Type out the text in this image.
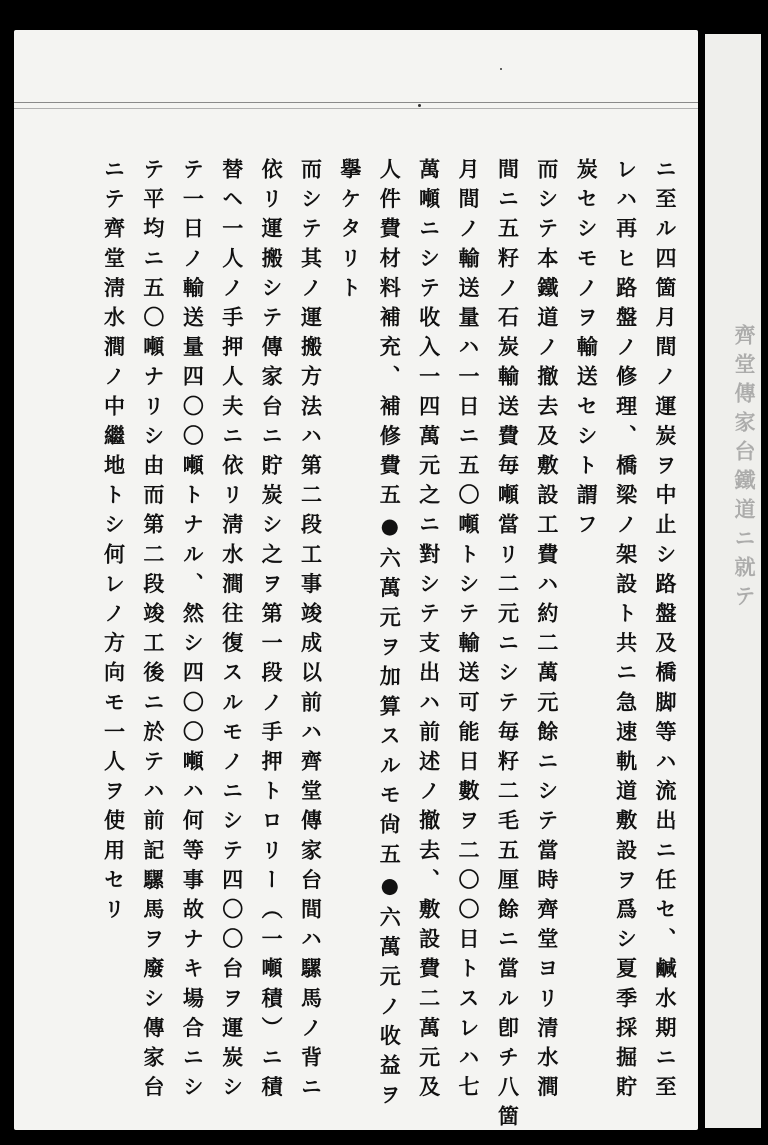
ニ至ル四箇月間ノ運炭ヲ中止シ路盤及橋脚等ハ流出ニ任セ、鹹水期ニ至
レハ再ヒ路盤ノ修理、橋梁ノ架設ト共ニ急速軌道敷設ヲ爲シ夏季採掘貯
炭セシモノヲ輸送セシト謂フ
而シテ本鐵道ノ撤去及敷設工費ハ約二萬元餘ニシテ當時齊堂ヨリ清水澗
間ニ五籽ノ石炭輸送費毎噸當リ二元ニシテ毎籽二毛五厘餘ニ當ル卽チ八箇
月間ノ輸送量ハ一日ニ五〇噸トシテ輸送可能日數ヲ二〇〇日トスレハ七
萬噸ニシテ收入一四萬元之ニ對シテ支出ハ前述ノ撤去、敷設費二萬元及
人件費材料補充、補修費五●六萬元ヲ加算スルモ尙五●六萬元ノ收益ヲ
擧ケタリト
而シテ其ノ運搬方法ハ第二段工事竣成以前ハ齊堂傳家台間ハ騾馬ノ背ニ
依リ運搬シテ傳家台ニ貯炭シ之ヲ第一段ノ手押トロリー（一噸積）ニ積
替ヘ一人ノ手押人夫ニ依リ淸水澗往復スルモノニシテ四〇〇台ヲ運炭シ
テ一日ノ輸送量四〇〇噸トナル、然シ四〇〇噸ハ何等事故ナキ場合ニシ
テ平均ニ五〇噸ナリシ由而第二段竣工後ニ於テハ前記騾馬ヲ廢シ傳家台
ニテ齊堂淸水澗ノ中繼地トシ何レノ方向モ一人ヲ使用セリ	齊堂傳家台鐵道ニ就テ
